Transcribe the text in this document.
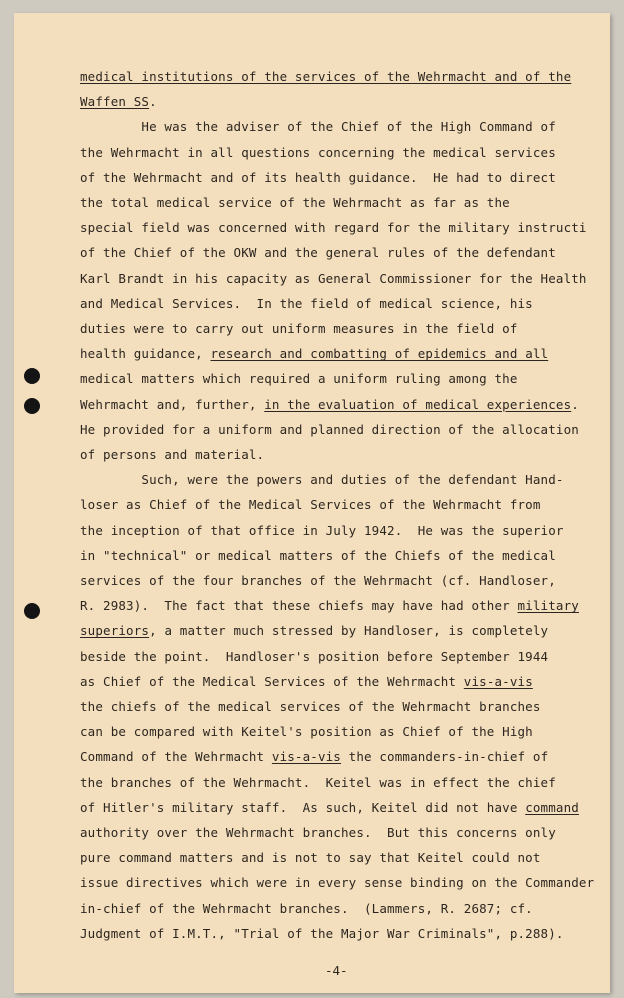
medical institutions of the services of the Wehrmacht and of the
Waffen SS.
He was the adviser of the Chief of the High Command of
the Wehrmacht in all questions concerning the medical services
of the Wehrmacht and of its health guidance.  He had to direct
the total medical service of the Wehrmacht as far as the
special field was concerned with regard for the military instructi
of the Chief of the OKW and the general rules of the defendant
Karl Brandt in his capacity as General Commissioner for the Health
and Medical Services.  In the field of medical science, his
duties were to carry out uniform measures in the field of
health guidance, research and combatting of epidemics and all
medical matters which required a uniform ruling among the
Wehrmacht and, further, in the evaluation of medical experiences.
He provided for a uniform and planned direction of the allocation
of persons and material.
Such, were the powers and duties of the defendant Hand-
loser as Chief of the Medical Services of the Wehrmacht from
the inception of that office in July 1942.  He was the superior
in "technical" or medical matters of the Chiefs of the medical
services of the four branches of the Wehrmacht (cf. Handloser,
R. 2983).  The fact that these chiefs may have had other military
superiors, a matter much stressed by Handloser, is completely
beside the point.  Handloser's position before September 1944
as Chief of the Medical Services of the Wehrmacht vis-a-vis
the chiefs of the medical services of the Wehrmacht branches
can be compared with Keitel's position as Chief of the High
Command of the Wehrmacht vis-a-vis the commanders-in-chief of
the branches of the Wehrmacht.  Keitel was in effect the chief
of Hitler's military staff.  As such, Keitel did not have command
authority over the Wehrmacht branches.  But this concerns only
pure command matters and is not to say that Keitel could not
issue directives which were in every sense binding on the Commander
in-chief of the Wehrmacht branches.  (Lammers, R. 2687; cf.
Judgment of I.M.T., "Trial of the Major War Criminals", p.288).
-4-
